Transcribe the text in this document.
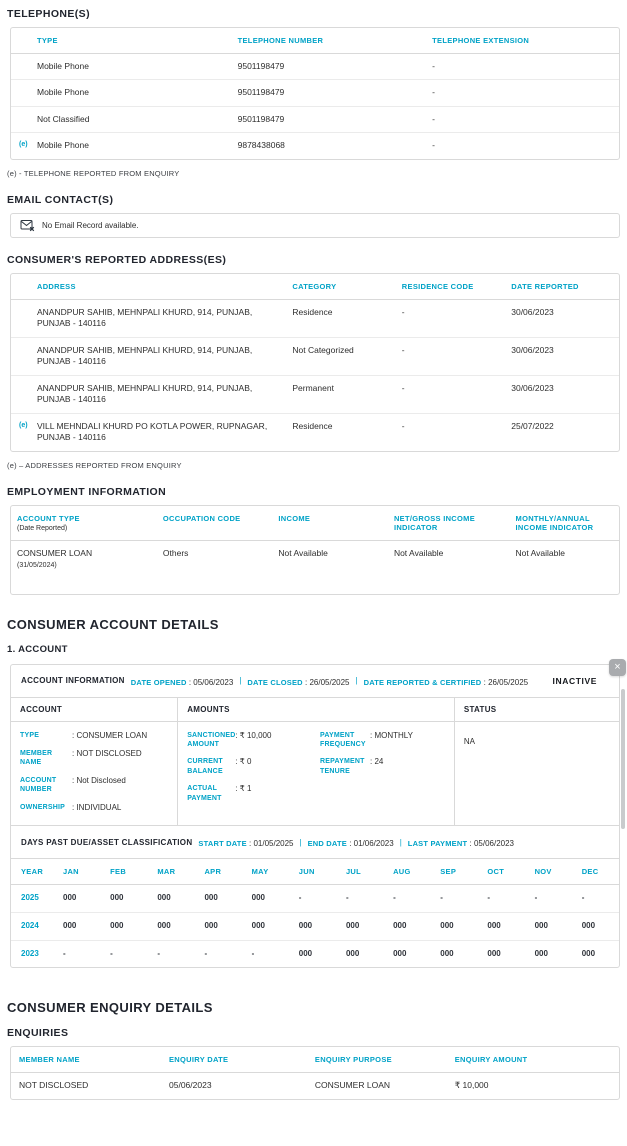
TELEPHONE(S)
	TYPE	TELEPHONE NUMBER	TELEPHONE EXTENSION
	Mobile Phone	9501198479	-
	Mobile Phone	9501198479	-
	Not Classified	9501198479	-
(e)	Mobile Phone	9878438068	-

(e) - TELEPHONE REPORTED FROM ENQUIRY

EMAIL CONTACT(S)
No Email Record available.
CONSUMER'S REPORTED ADDRESS(ES)
	ADDRESS	CATEGORY	RESIDENCE CODE	DATE REPORTED
	ANANDPUR SAHIB, MEHNPALI KHURD, 914, PUNJAB, PUNJAB - 140116	Residence	-	30/06/2023
	ANANDPUR SAHIB, MEHNPALI KHURD, 914, PUNJAB, PUNJAB - 140116	Not Categorized	-	30/06/2023
	ANANDPUR SAHIB, MEHNPALI KHURD, 914, PUNJAB, PUNJAB - 140116	Permanent	-	30/06/2023
(e)	VILL MEHNDALI KHURD PO KOTLA POWER, RUPNAGAR, PUNJAB - 140116	Residence	-	25/07/2022

(e) – ADDRESSES REPORTED FROM ENQUIRY

EMPLOYMENT INFORMATION
ACCOUNT TYPE
(Date Reported)	OCCUPATION CODE	INCOME	NET/GROSS INCOME INDICATOR	MONTHLY/ANNUAL INCOME INDICATOR

CONSUMER LOAN
(31/05/2024)	Others	Not Available	Not Available	Not Available
CONSUMER ACCOUNT DETAILS
1. ACCOUNT
×
ACCOUNT INFORMATION DATE OPENED : 05/06/2023 | DATE CLOSED : 26/05/2025 | DATE REPORTED & CERTIFIED : 26/05/2025	INACTIVE
ACCOUNT
TYPE	: CONSUMER LOAN
MEMBER NAME
: NOT DISCLOSED
ACCOUNT NUMBER
: Not Disclosed
OWNERSHIP	: INDIVIDUAL
AMOUNTS
SANCTIONED AMOUNT
: ₹ 10,000
CURRENT BALANCE
: ₹ 0
ACTUAL PAYMENT
: ₹ 1
PAYMENT FREQUENCY
: MONTHLY
REPAYMENT TENURE
: 24
STATUS
NA
DAYS PAST DUE/ASSET CLASSIFICATION START DATE : 01/05/2025 | END DATE : 01/06/2023 | LAST PAYMENT : 05/06/2023
YEAR	JAN	FEB	MAR	APR	MAY	JUN	JUL	AUG	SEP	OCT	NOV	DEC
2025	000	000	000	000	000	-	-	-	-	-	-	-
2024	000	000	000	000	000	000	000	000	000	000	000	000
2023	-	-	-	-	-	000	000	000	000	000	000	000
CONSUMER ENQUIRY DETAILS
ENQUIRIES
MEMBER NAME	ENQUIRY DATE	ENQUIRY PURPOSE	ENQUIRY AMOUNT
NOT DISCLOSED	05/06/2023	CONSUMER LOAN	₹ 10,000
